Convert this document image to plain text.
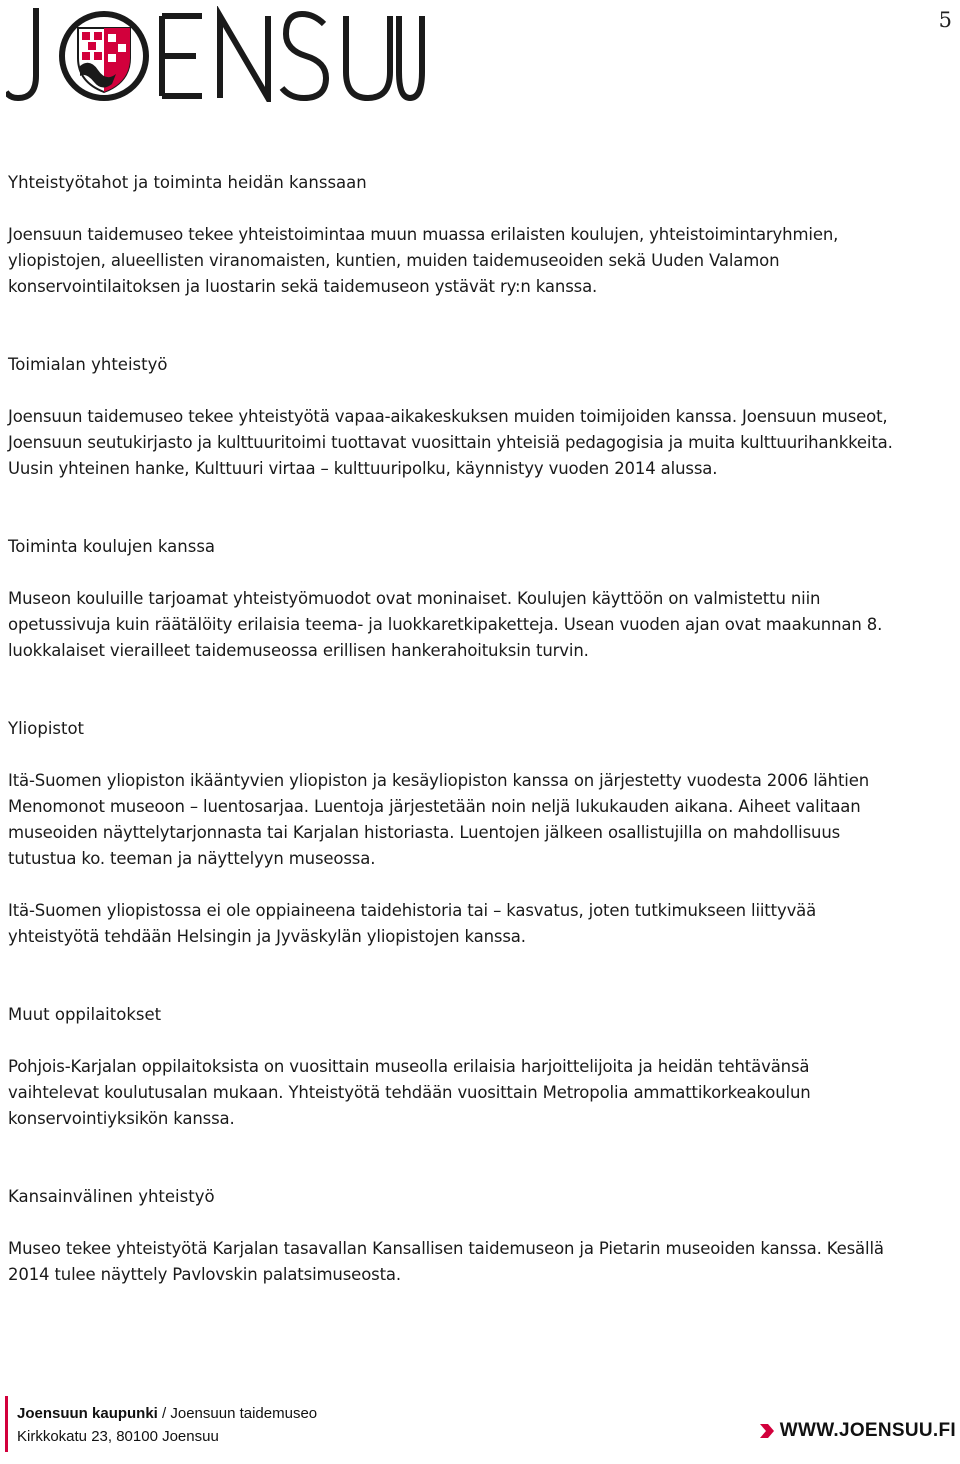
5

Yhteistyötahot ja toiminta heidän kanssaan

Joensuun taidemuseo tekee yhteistoimintaa muun muassa erilaisten koulujen, yhteistoimintaryhmien,
yliopistojen, alueellisten viranomaisten, kuntien, muiden taidemuseoiden sekä Uuden Valamon
konservointilaitoksen ja luostarin sekä taidemuseon ystävät ry:n kanssa.

Toimialan yhteistyö

Joensuun taidemuseo tekee yhteistyötä vapaa-aikakeskuksen muiden toimijoiden kanssa. Joensuun museot,
Joensuun seutukirjasto ja kulttuuritoimi tuottavat vuosittain yhteisiä pedagogisia ja muita kulttuurihankkeita.
Uusin yhteinen hanke, Kulttuuri virtaa – kulttuuripolku, käynnistyy vuoden 2014 alussa.

Toiminta koulujen kanssa

Museon kouluille tarjoamat yhteistyömuodot ovat moninaiset. Koulujen käyttöön on valmistettu niin
opetussivuja kuin räätälöity erilaisia teema- ja luokkaretkipaketteja. Usean vuoden ajan ovat maakunnan 8.
luokkalaiset vierailleet taidemuseossa erillisen hankerahoituksin turvin.

Yliopistot

Itä-Suomen yliopiston ikääntyvien yliopiston ja kesäyliopiston kanssa on järjestetty vuodesta 2006 lähtien
Menomonot museoon – luentosarjaa. Luentoja järjestetään noin neljä lukukauden aikana. Aiheet valitaan
museoiden näyttelytarjonnasta tai Karjalan historiasta. Luentojen jälkeen osallistujilla on mahdollisuus
tutustua ko. teeman ja näyttelyyn museossa.
Itä-Suomen yliopistossa ei ole oppiaineena taidehistoria tai – kasvatus, joten tutkimukseen liittyvää
yhteistyötä tehdään Helsingin ja Jyväskylän yliopistojen kanssa.

Muut oppilaitokset

Pohjois-Karjalan oppilaitoksista on vuosittain museolla erilaisia harjoittelijoita ja heidän tehtävänsä
vaihtelevat koulutusalan mukaan. Yhteistyötä tehdään vuosittain Metropolia ammattikorkeakoulun
konservointiyksikön kanssa.

Kansainvälinen yhteistyö

Museo tekee yhteistyötä Karjalan tasavallan Kansallisen taidemuseon ja Pietarin museoiden kanssa. Kesällä
2014 tulee näyttely Pavlovskin palatsimuseosta.
Joensuun kaupunki / Joensuun taidemuseo
Kirkkokatu 23, 80100 Joensuu	WWW.JOENSUU.FI
